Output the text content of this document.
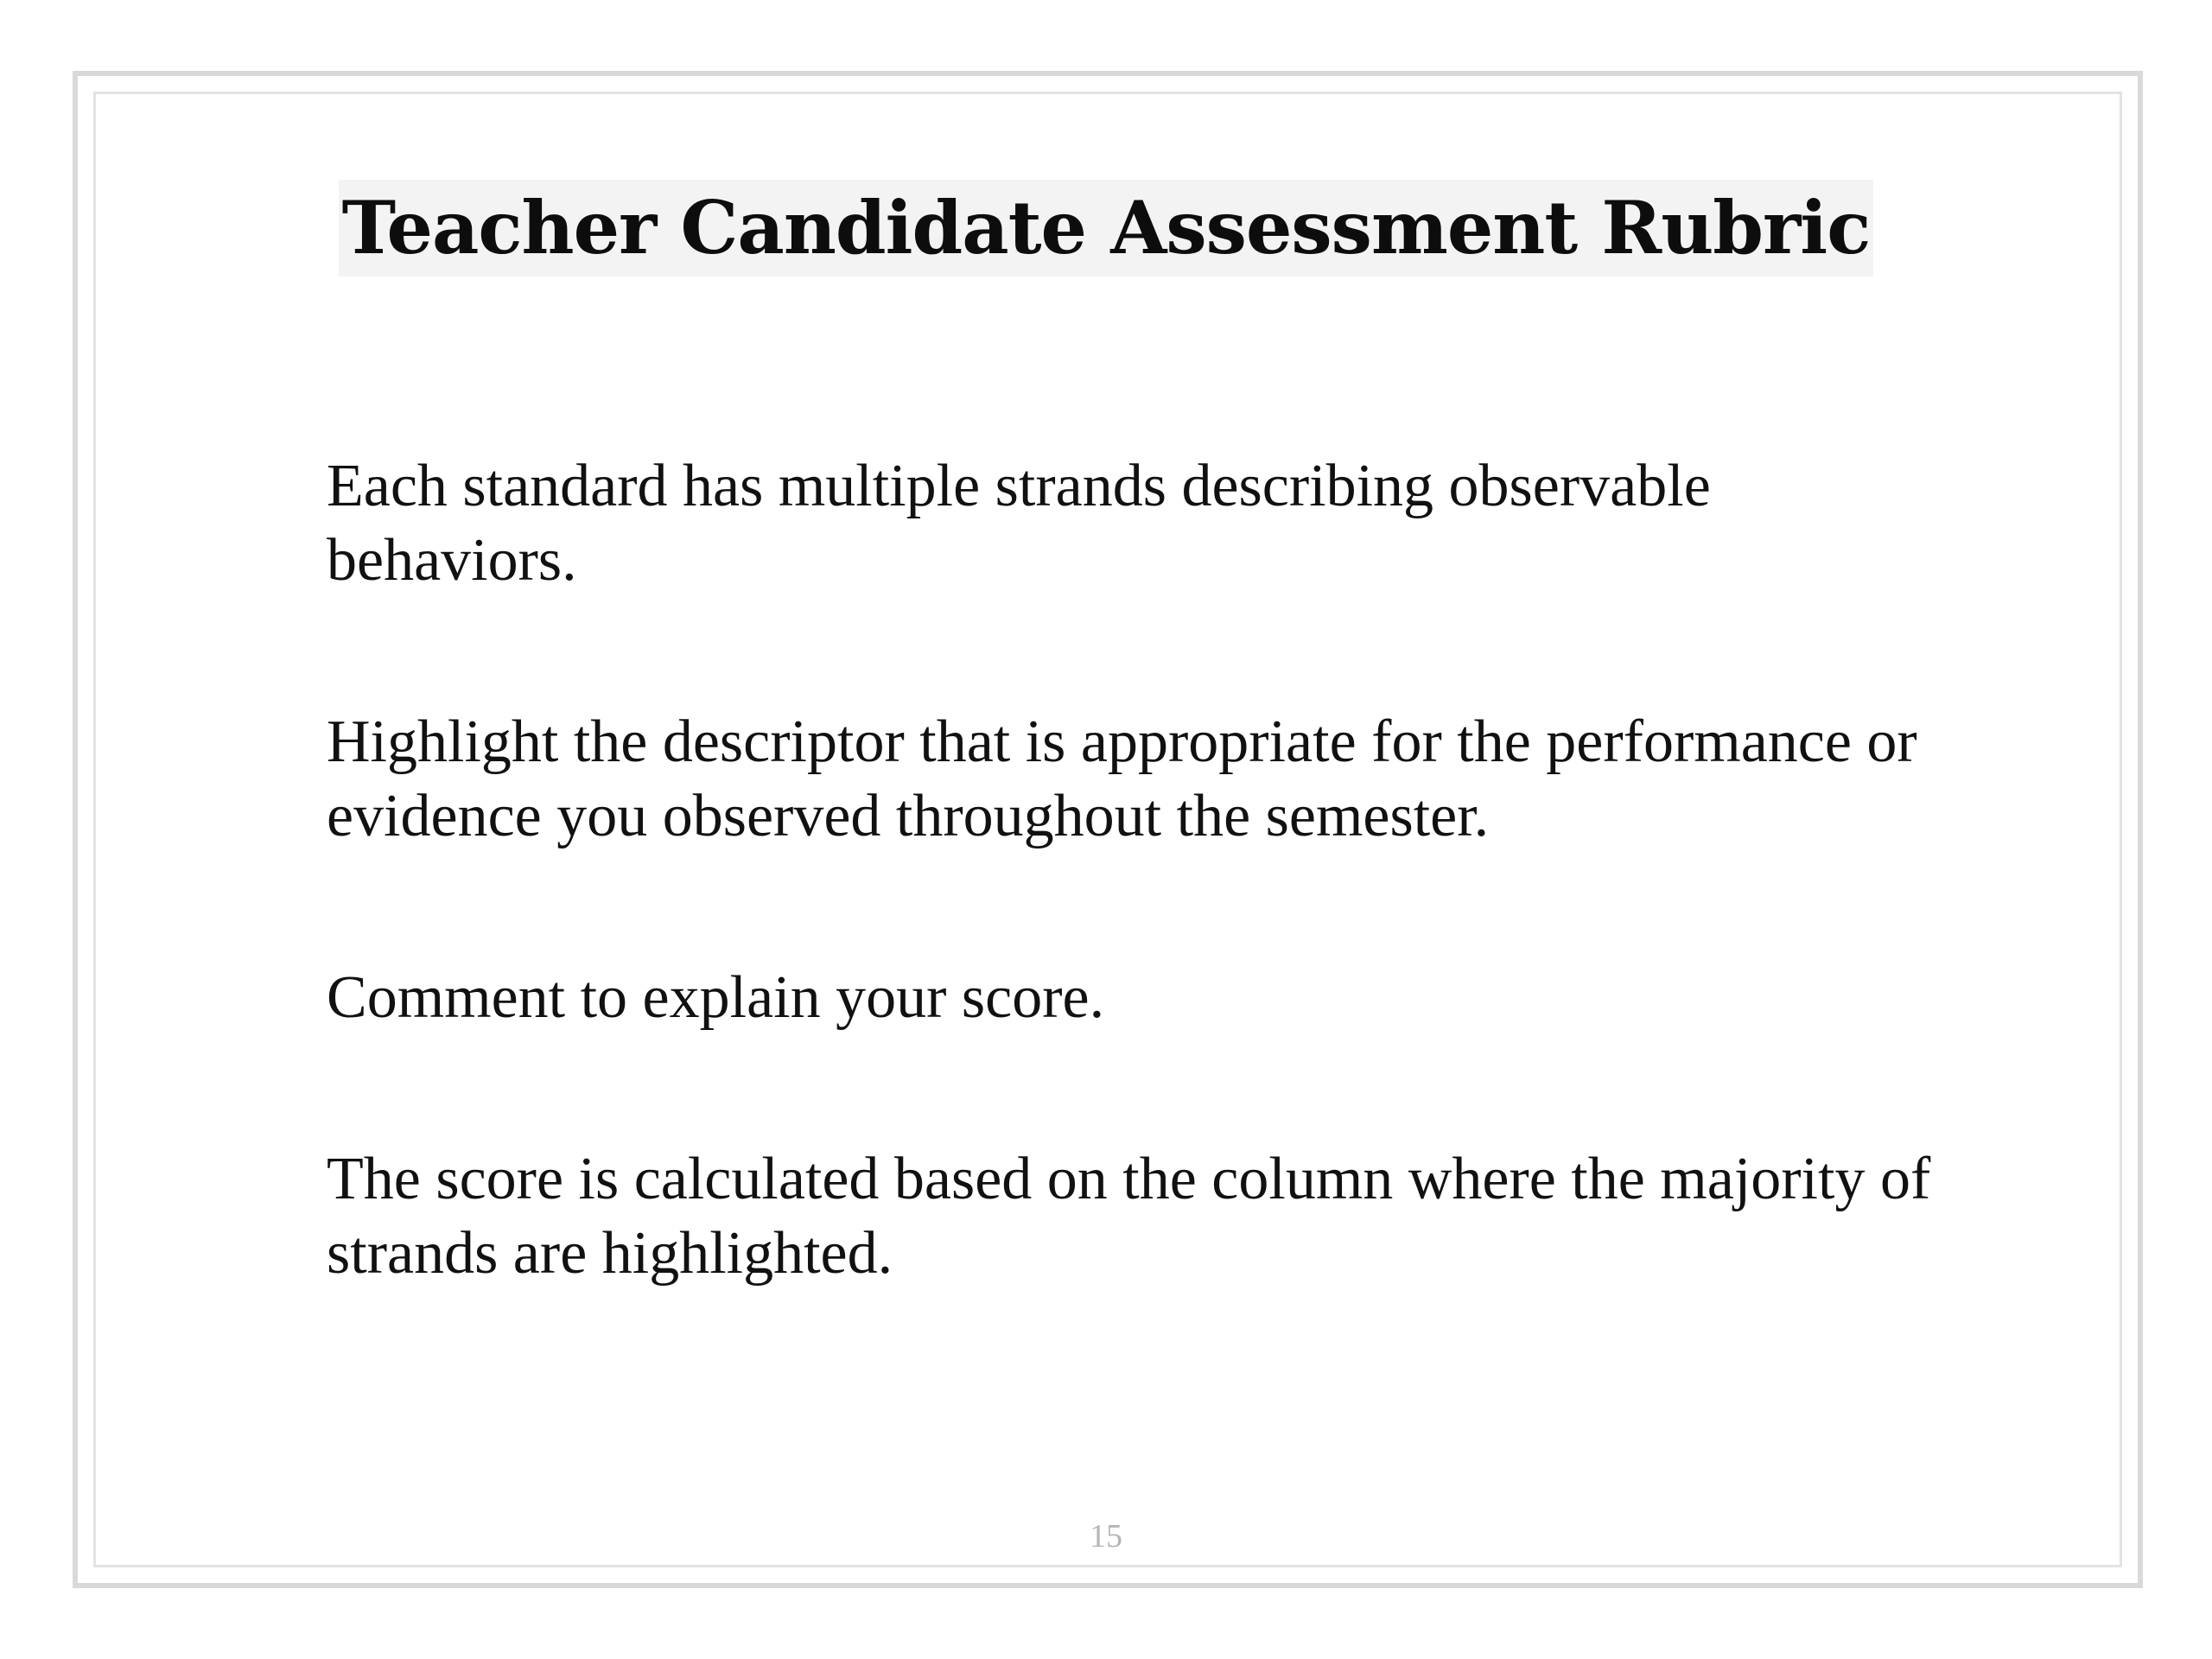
Teacher Candidate Assessment Rubric

Each standard has multiple strands describing observable behaviors.

Highlight the descriptor that is appropriate for the performance or evidence you observed throughout the semester.

Comment to explain your score.

The score is calculated based on the column where the majority of strands are highlighted.

15
